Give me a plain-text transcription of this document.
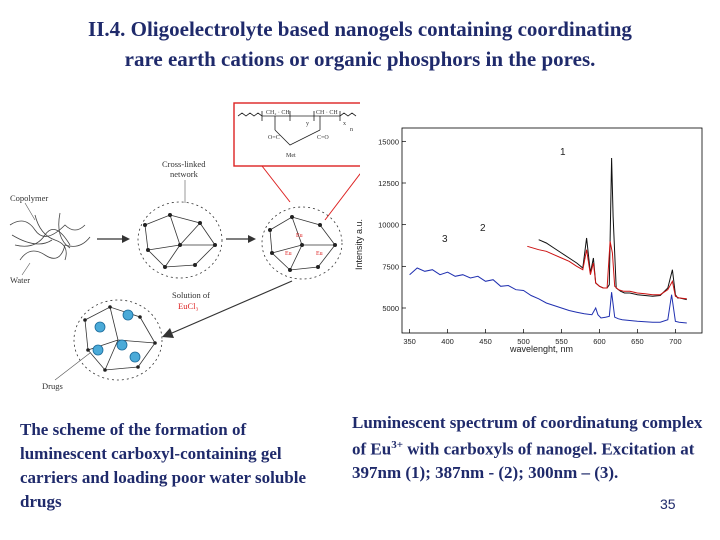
II.4. Oligoelectrolyte based nanogels containing coordinating
rare earth cations or organic phosphors in the pores.
CH₂ · CH	CH · CH
O=C	C=O
Met
y	x
n
Copolymer
Water
Cross-linked
network
Eu
Eu
Eu
Solution of
EuCl₃
Drugs
5000
7500
10000
12500
15000
350	400	450	500	550	600	650	700
Intensity a.u.
wavelenght, nm
1
2
3
The scheme of the formation of luminescent carboxyl-containing gel carriers and loading poor water soluble drugs
Luminescent spectrum of coordinatung complex of $Eu^{3+}$ with carboxyls of nanogel. Excitation at 397nm (1); 387nm - (2); 300nm – (3).
35
